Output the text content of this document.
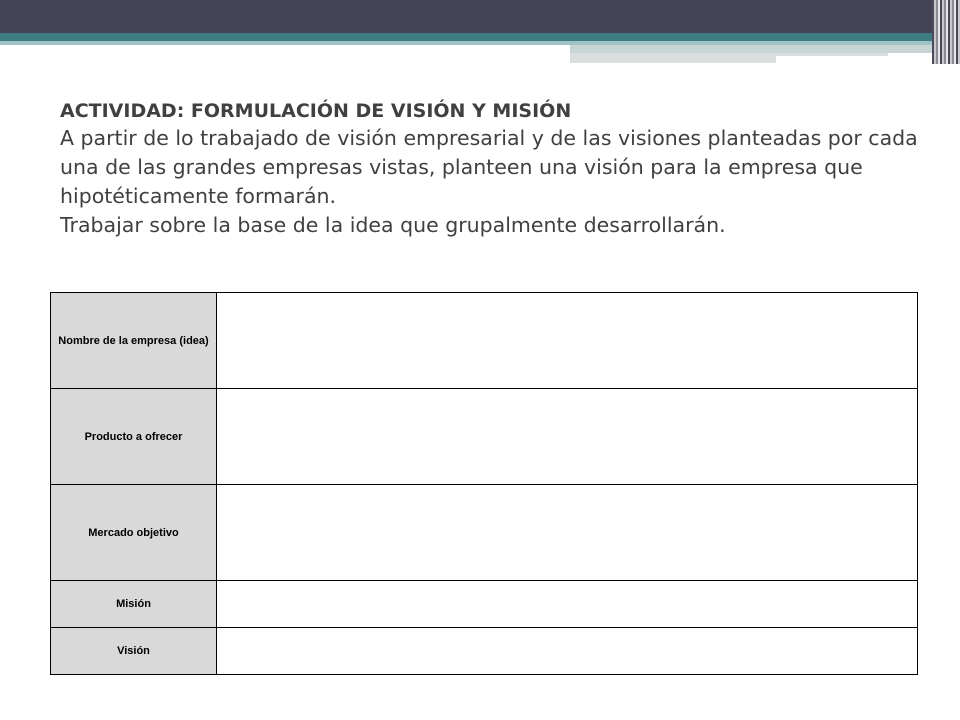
ACTIVIDAD: FORMULACIÓN DE VISIÓN Y MISIÓN

A partir de lo trabajado de visión empresarial y de las visiones planteadas por cada una de las grandes empresas vistas, planteen una visión para la empresa que hipotéticamente formarán.

Trabajar sobre la base de la idea que grupalmente desarrollarán.

Nombre de la empresa (idea)	
Producto a ofrecer	
Mercado objetivo	
Misión	
Visión	
